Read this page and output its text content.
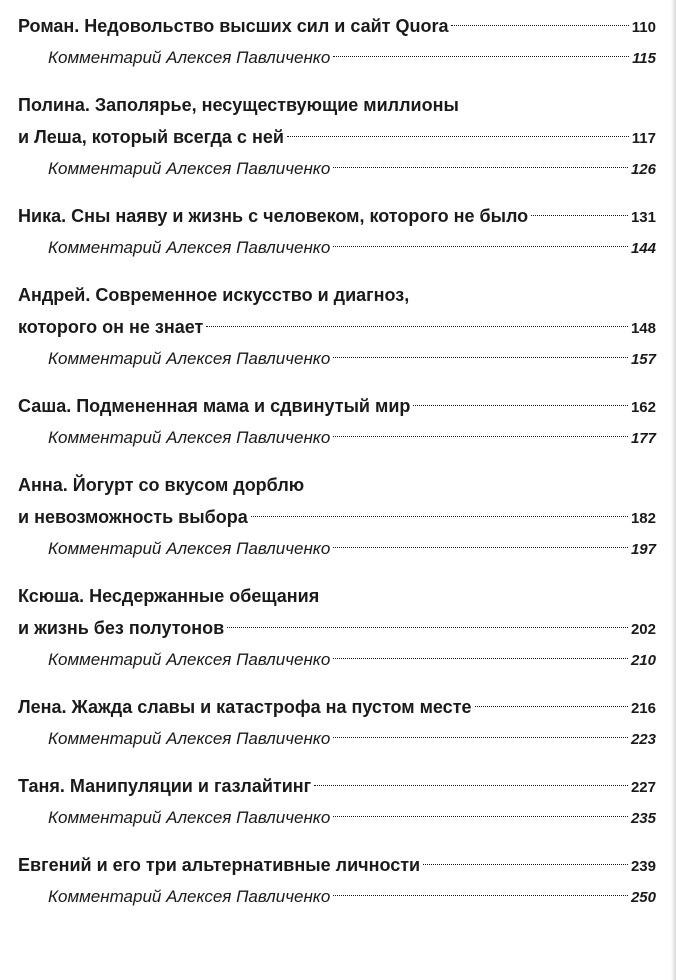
Роман. Недовольство высших сил и сайт Quora	110
Комментарий Алексея Павличенко	115
Полина. Заполярье, несуществующие миллионы
и Леша, который всегда с ней	117
Комментарий Алексея Павличенко	126
Ника. Сны наяву и жизнь с человеком, которого не было	131
Комментарий Алексея Павличенко	144
Андрей. Современное искусство и диагноз,
которого он не знает	148
Комментарий Алексея Павличенко	157
Саша. Подмененная мама и сдвинутый мир	162
Комментарий Алексея Павличенко	177
Анна. Йогурт со вкусом дорблю
и невозможность выбора	182
Комментарий Алексея Павличенко	197
Ксюша. Несдержанные обещания
и жизнь без полутонов	202
Комментарий Алексея Павличенко	210
Лена. Жажда славы и катастрофа на пустом месте	216
Комментарий Алексея Павличенко	223
Таня. Манипуляции и газлайтинг	227
Комментарий Алексея Павличенко	235
Евгений и его три альтернативные личности	239
Комментарий Алексея Павличенко	250
